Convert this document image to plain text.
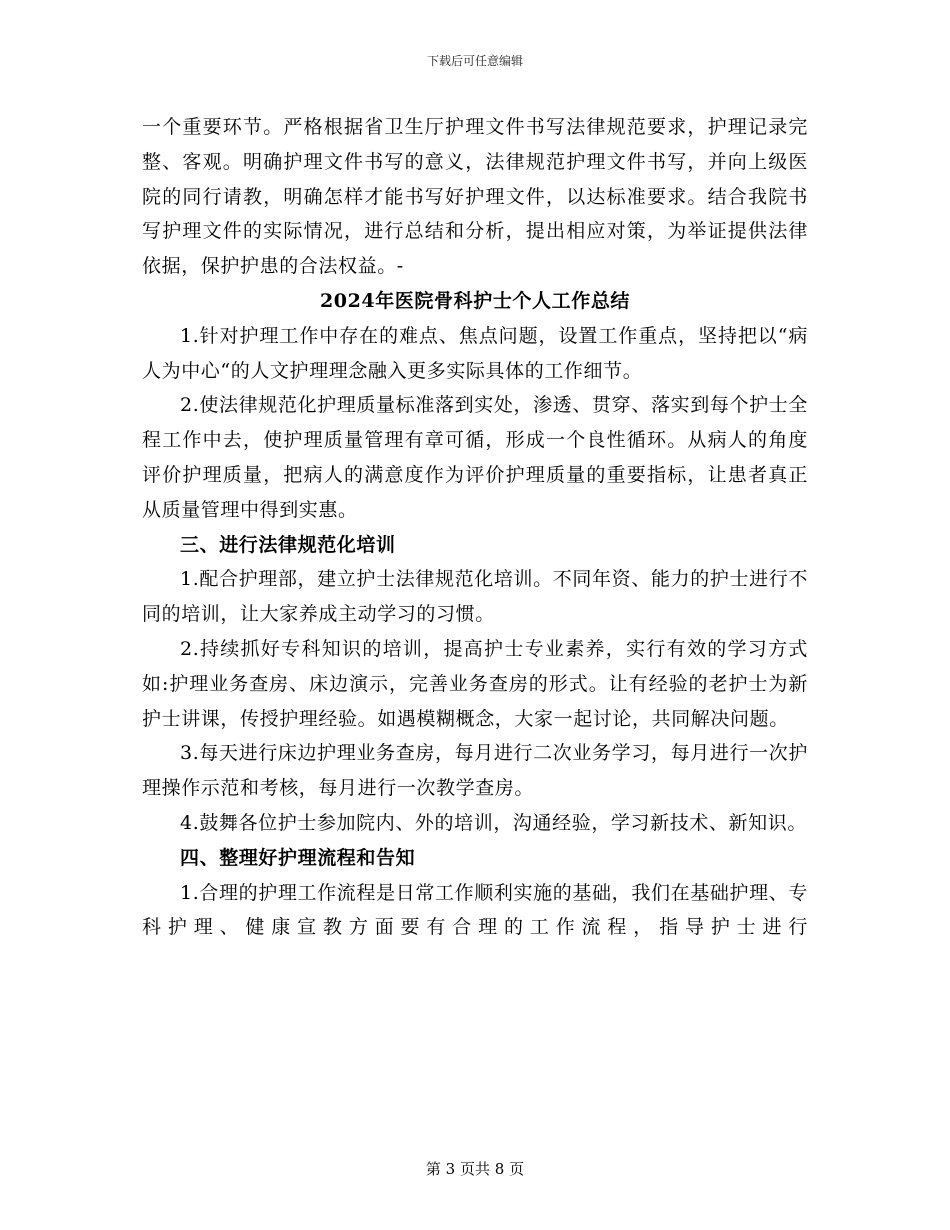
下载后可任意编辑

一个重要环节。严格根据省卫生厅护理文件书写法律规范要求，护理记录完整、客观。明确护理文件书写的意义，法律规范护理文件书写，并向上级医院的同行请教，明确怎样才能书写好护理文件，以达标准要求。结合我院书写护理文件的实际情况，进行总结和分析，提出相应对策，为举证提供法律依据，保护护患的合法权益。-

2024年医院骨科护士个人工作总结

1.针对护理工作中存在的难点、焦点问题，设置工作重点，坚持把以“病人为中心“的人文护理理念融入更多实际具体的工作细节。

2.使法律规范化护理质量标准落到实处，渗透、贯穿、落实到每个护士全程工作中去，使护理质量管理有章可循，形成一个良性循环。从病人的角度评价护理质量，把病人的满意度作为评价护理质量的重要指标，让患者真正从质量管理中得到实惠。

三、进行法律规范化培训

1.配合护理部，建立护士法律规范化培训。不同年资、能力的护士进行不同的培训，让大家养成主动学习的习惯。

2.持续抓好专科知识的培训，提高护士专业素养，实行有效的学习方式如:护理业务查房、床边演示，完善业务查房的形式。让有经验的老护士为新护士讲课，传授护理经验。如遇模糊概念，大家一起讨论，共同解决问题。

3.每天进行床边护理业务查房，每月进行二次业务学习，每月进行一次护理操作示范和考核，每月进行一次教学查房。

4.鼓舞各位护士参加院内、外的培训，沟通经验，学习新技术、新知识。

四、整理好护理流程和告知

1.合理的护理工作流程是日常工作顺利实施的基础，我们在基础护理、专科护理、健康宣教方面要有合理的工作流程，指导护士进行

第 3 页共 8 页
